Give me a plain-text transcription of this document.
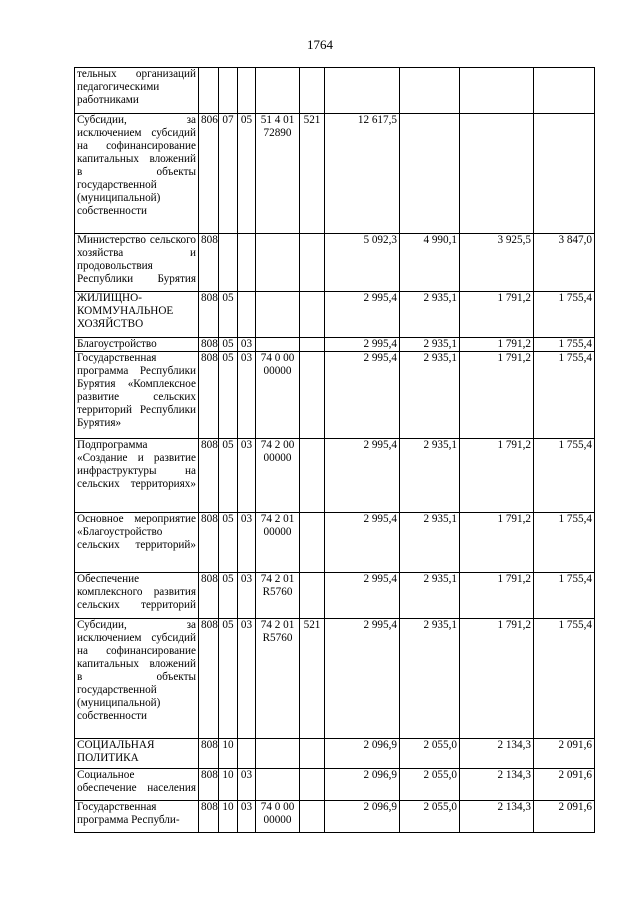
1764
тельных организаций педагогическими работниками									
Субсидии, за исключением субсидий на софинансирование капитальных вложений в объекты государственной (муниципальной) собственности	806	07	05	51 4 01 72890	521	12 617,5			
Министерство сельского хозяйства и продовольствия Республики Бурятия	808					5 092,3	4 990,1	3 925,5	3 847,0
ЖИЛИЩНО-КОММУНАЛЬНОЕ ХОЗЯЙСТВО	808	05				2 995,4	2 935,1	1 791,2	1 755,4
Благоустройство	808	05	03			2 995,4	2 935,1	1 791,2	1 755,4
Государственная программа Республики Бурятия «Комплексное развитие сельских территорий Республики Бурятия»	808	05	03	74 0 00 00000		2 995,4	2 935,1	1 791,2	1 755,4
Подпрограмма «Создание и развитие инфраструктуры на сельских территориях»	808	05	03	74 2 00 00000		2 995,4	2 935,1	1 791,2	1 755,4
Основное мероприятие «Благоустройство сельских территорий»	808	05	03	74 2 01 00000		2 995,4	2 935,1	1 791,2	1 755,4
Обеспечение комплексного развития сельских территорий	808	05	03	74 2 01 R5760		2 995,4	2 935,1	1 791,2	1 755,4
Субсидии, за исключением субсидий на софинансирование капитальных вложений в объекты государственной (муниципальной) собственности	808	05	03	74 2 01 R5760	521	2 995,4	2 935,1	1 791,2	1 755,4
СОЦИАЛЬНАЯ ПОЛИТИКА	808	10				2 096,9	2 055,0	2 134,3	2 091,6
Социальное обеспечение населения	808	10	03			2 096,9	2 055,0	2 134,3	2 091,6
Государственная программа Республи-	808	10	03	74 0 00 00000		2 096,9	2 055,0	2 134,3	2 091,6
